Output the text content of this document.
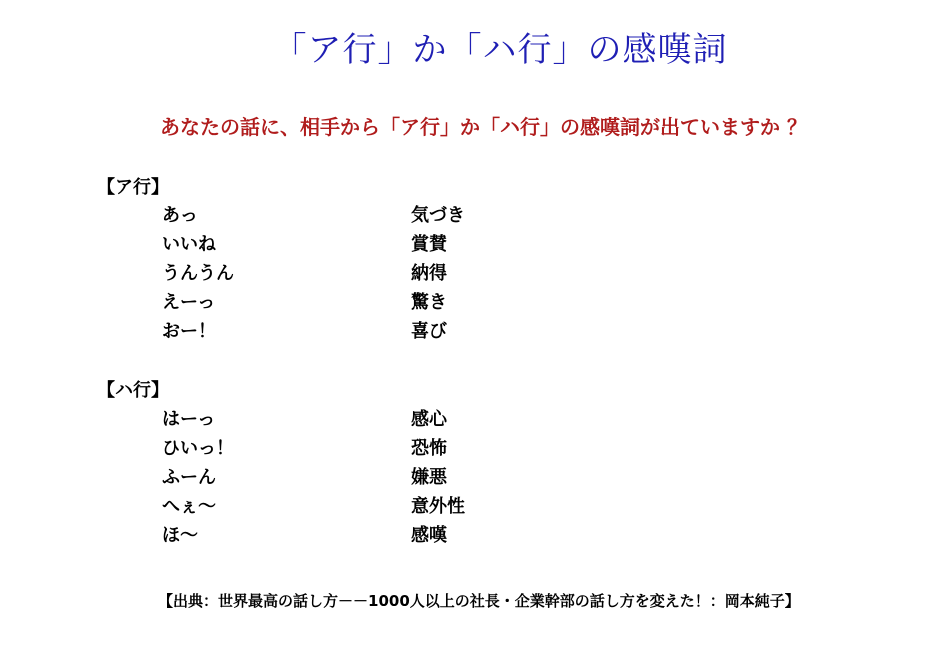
「ア行」か「ハ行」の感嘆詞
あなたの話に、相手から「ア行」か「ハ行」の感嘆詞が出ていますか ？
【ア行】
あっ	気づき
いいね	賞賛
うんうん	納得
えーっ	驚き
おー！	喜び
【ハ行】
はーっ	感心
ひいっ！	恐怖
ふーん	嫌悪
へぇ～	意外性
ほ～	感嘆
【出典：世界最高の話し方－－1000人以上の社長・企業幹部の話し方を変えた！：岡本純子】
